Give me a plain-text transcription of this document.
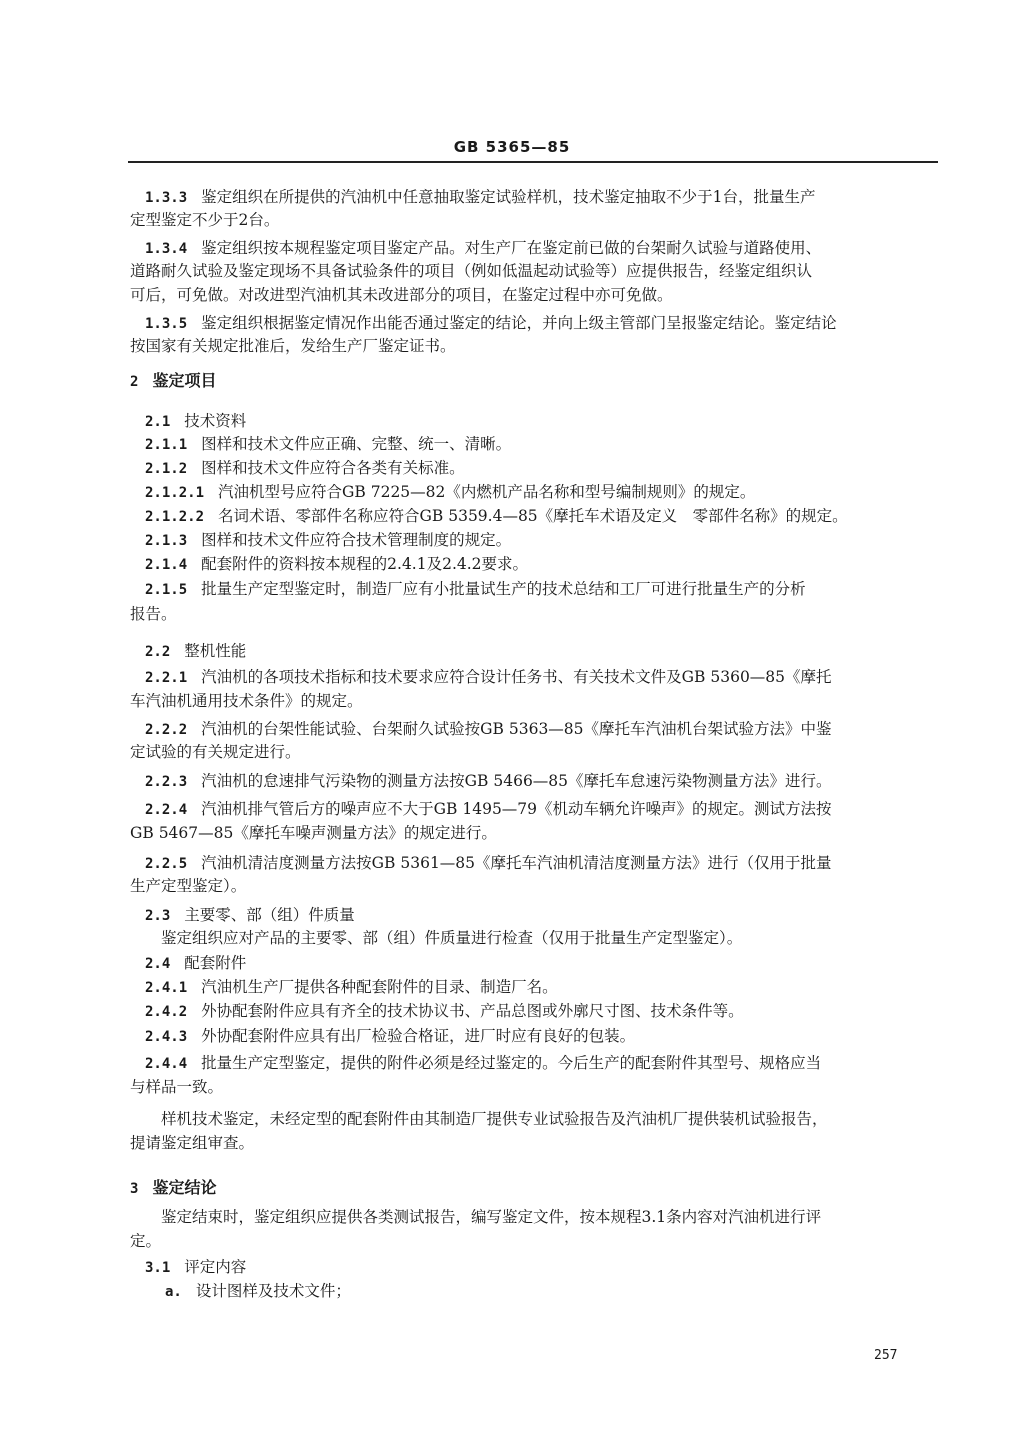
GB 5365—85
1.3.3 鉴定组织在所提供的汽油机中任意抽取鉴定试验样机，技术鉴定抽取不少于1台，批量生产
定型鉴定不少于2台。
1.3.4 鉴定组织按本规程鉴定项目鉴定产品。对生产厂在鉴定前已做的台架耐久试验与道路使用、
道路耐久试验及鉴定现场不具备试验条件的项目（例如低温起动试验等）应提供报告，经鉴定组织认
可后，可免做。对改进型汽油机其未改进部分的项目，在鉴定过程中亦可免做。
1.3.5 鉴定组织根据鉴定情况作出能否通过鉴定的结论，并向上级主管部门呈报鉴定结论。鉴定结论
按国家有关规定批准后，发给生产厂鉴定证书。
2 鉴定项目
2.1 技术资料
2.1.1 图样和技术文件应正确、完整、统一、清晰。
2.1.2 图样和技术文件应符合各类有关标准。
2.1.2.1 汽油机型号应符合GB 7225—82《内燃机产品名称和型号编制规则》的规定。
2.1.2.2 名词术语、零部件名称应符合GB 5359.4—85《摩托车术语及定义　零部件名称》的规定。
2.1.3 图样和技术文件应符合技术管理制度的规定。
2.1.4 配套附件的资料按本规程的2.4.1及2.4.2要求。
2.1.5 批量生产定型鉴定时，制造厂应有小批量试生产的技术总结和工厂可进行批量生产的分析
报告。
2.2 整机性能
2.2.1 汽油机的各项技术指标和技术要求应符合设计任务书、有关技术文件及GB 5360—85《摩托
车汽油机通用技术条件》的规定。
2.2.2 汽油机的台架性能试验、台架耐久试验按GB 5363—85《摩托车汽油机台架试验方法》中鉴
定试验的有关规定进行。
2.2.3 汽油机的怠速排气污染物的测量方法按GB 5466—85《摩托车怠速污染物测量方法》进行。
2.2.4 汽油机排气管后方的噪声应不大于GB 1495—79《机动车辆允许噪声》的规定。测试方法按
GB 5467—85《摩托车噪声测量方法》的规定进行。
2.2.5 汽油机清洁度测量方法按GB 5361—85《摩托车汽油机清洁度测量方法》进行（仅用于批量
生产定型鉴定）。
2.3 主要零、部（组）件质量
　　鉴定组织应对产品的主要零、部（组）件质量进行检查（仅用于批量生产定型鉴定）。
2.4 配套附件
2.4.1 汽油机生产厂提供各种配套附件的目录、制造厂名。
2.4.2 外协配套附件应具有齐全的技术协议书、产品总图或外廓尺寸图、技术条件等。
2.4.3 外协配套附件应具有出厂检验合格证，进厂时应有良好的包装。
2.4.4 批量生产定型鉴定，提供的附件必须是经过鉴定的。今后生产的配套附件其型号、规格应当
与样品一致。
　　样机技术鉴定，未经定型的配套附件由其制造厂提供专业试验报告及汽油机厂提供装机试验报告，
提请鉴定组审查。
3 鉴定结论
　　鉴定结束时，鉴定组织应提供各类测试报告，编写鉴定文件，按本规程3.1条内容对汽油机进行评
定。
3.1 评定内容
a. 设计图样及技术文件；
257
